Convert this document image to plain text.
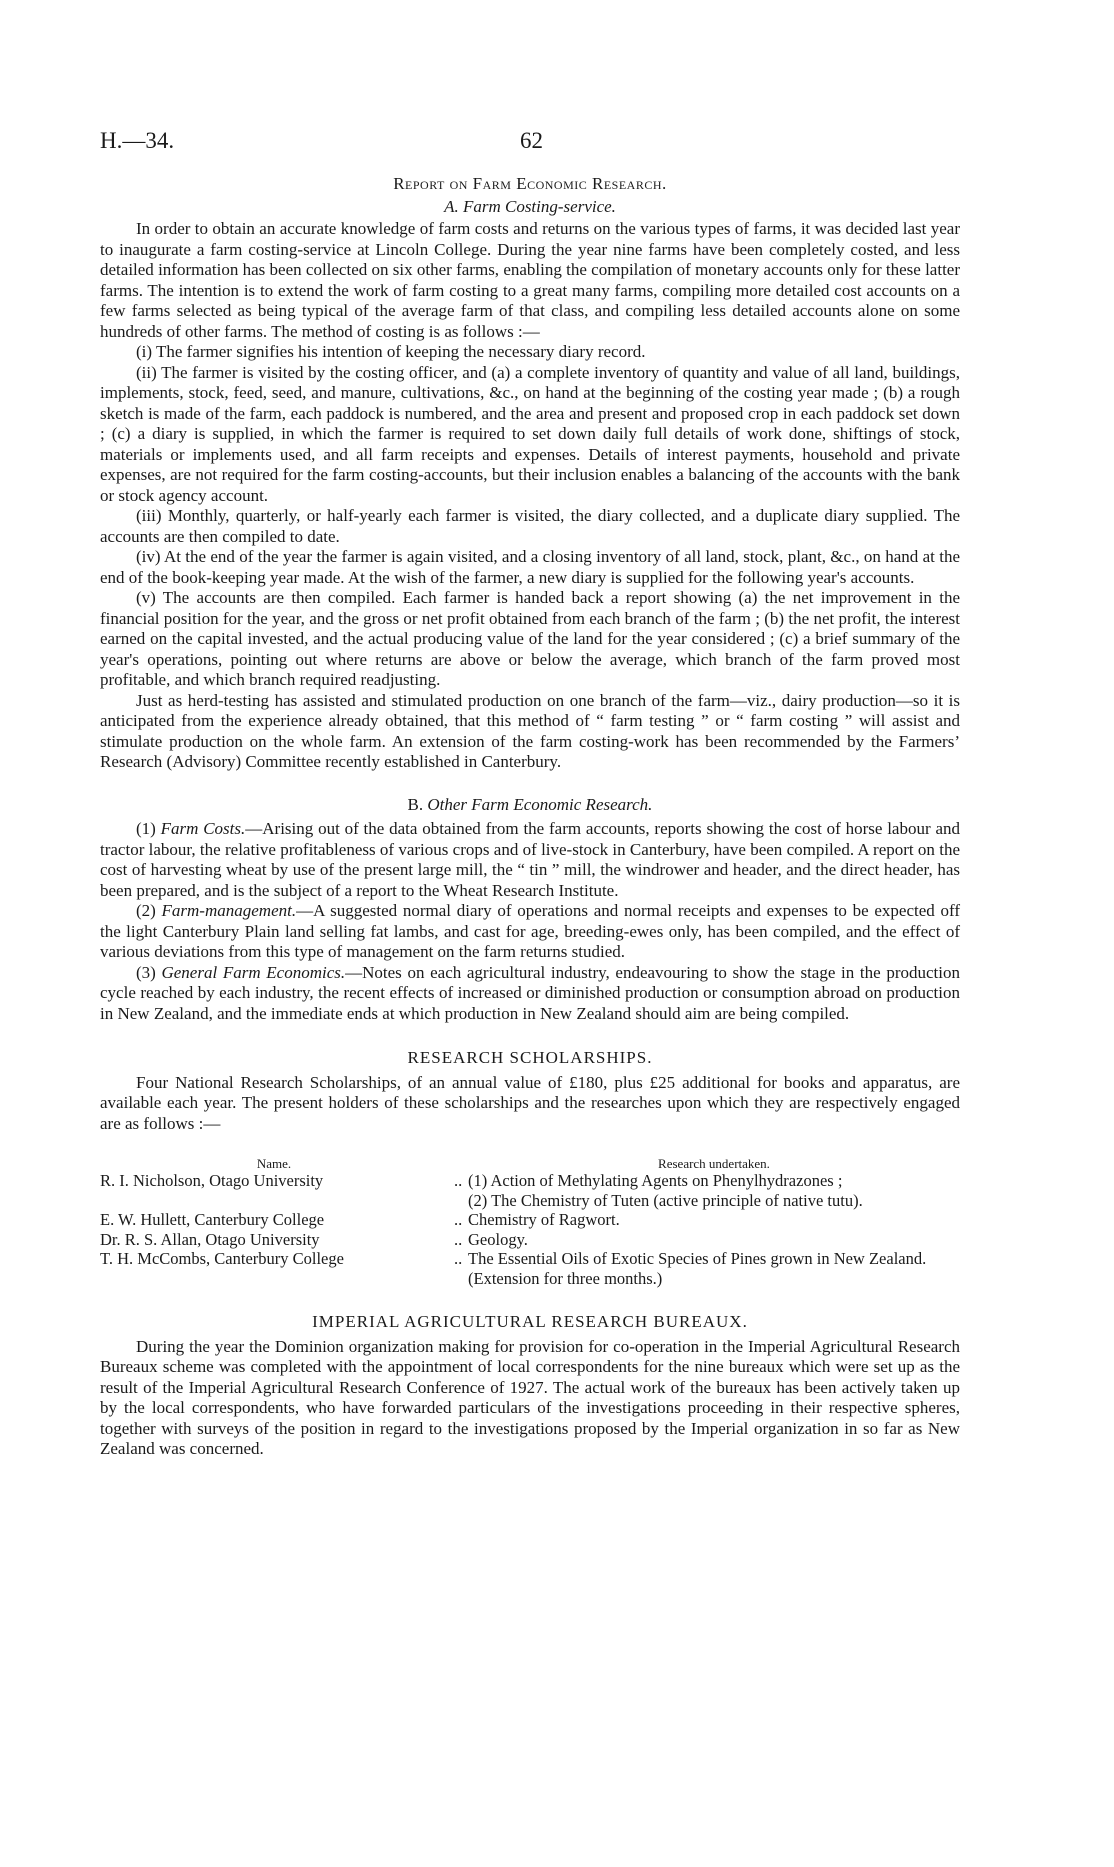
H.—34.	62
Report on Farm Economic Research.
A. Farm Costing-service.

In order to obtain an accurate knowledge of farm costs and returns on the various types of farms, it was decided last year to inaugurate a farm costing-service at Lincoln College. During the year nine farms have been completely costed, and less detailed information has been collected on six other farms, enabling the compilation of monetary accounts only for these latter farms. The intention is to extend the work of farm costing to a great many farms, compiling more detailed cost accounts on a few farms selected as being typical of the average farm of that class, and compiling less detailed accounts alone on some hundreds of other farms. The method of costing is as follows :—

(i) The farmer signifies his intention of keeping the necessary diary record.

(ii) The farmer is visited by the costing officer, and (a) a complete inventory of quantity and value of all land, buildings, implements, stock, feed, seed, and manure, cultivations, &c., on hand at the beginning of the costing year made ; (b) a rough sketch is made of the farm, each paddock is numbered, and the area and present and proposed crop in each paddock set down ; (c) a diary is supplied, in which the farmer is required to set down daily full details of work done, shiftings of stock, materials or implements used, and all farm receipts and expenses. Details of interest payments, household and private expenses, are not required for the farm costing-accounts, but their inclusion enables a balancing of the accounts with the bank or stock agency account.

(iii) Monthly, quarterly, or half-yearly each farmer is visited, the diary collected, and a duplicate diary supplied. The accounts are then compiled to date.

(iv) At the end of the year the farmer is again visited, and a closing inventory of all land, stock, plant, &c., on hand at the end of the book-keeping year made. At the wish of the farmer, a new diary is supplied for the following year's accounts.

(v) The accounts are then compiled. Each farmer is handed back a report showing (a) the net improvement in the financial position for the year, and the gross or net profit obtained from each branch of the farm ; (b) the net profit, the interest earned on the capital invested, and the actual producing value of the land for the year considered ; (c) a brief summary of the year's operations, pointing out where returns are above or below the average, which branch of the farm proved most profitable, and which branch required readjusting.

Just as herd-testing has assisted and stimulated production on one branch of the farm—viz., dairy production—so it is anticipated from the experience already obtained, that this method of “ farm testing ” or “ farm costing ” will assist and stimulate production on the whole farm. An extension of the farm costing-work has been recommended by the Farmers’ Research (Advisory) Committee recently established in Canterbury.

B. Other Farm Economic Research.

(1) Farm Costs.—Arising out of the data obtained from the farm accounts, reports showing the cost of horse labour and tractor labour, the relative profitableness of various crops and of live-stock in Canterbury, have been compiled. A report on the cost of harvesting wheat by use of the present large mill, the “ tin ” mill, the windrower and header, and the direct header, has been prepared, and is the subject of a report to the Wheat Research Institute.

(2) Farm-management.—A suggested normal diary of operations and normal receipts and expenses to be expected off the light Canterbury Plain land selling fat lambs, and cast for age, breeding-ewes only, has been compiled, and the effect of various deviations from this type of management on the farm returns studied.

(3) General Farm Economics.—Notes on each agricultural industry, endeavouring to show the stage in the production cycle reached by each industry, the recent effects of increased or diminished production or consumption abroad on production in New Zealand, and the immediate ends at which production in New Zealand should aim are being compiled.

RESEARCH SCHOLARSHIPS.

Four National Research Scholarships, of an annual value of £180, plus £25 additional for books and apparatus, are available each year. The present holders of these scholarships and the researches upon which they are respectively engaged are as follows :—

Name.	Research undertaken.
R. I. Nicholson, Otago University	.. (1) Action of Methylating Agents on Phenylhydrazones ;
(2) The Chemistry of Tuten (active principle of native tutu).
E. W. Hullett, Canterbury College	.. Chemistry of Ragwort.
Dr. R. S. Allan, Otago University	.. Geology.
T. H. McCombs, Canterbury College	.. The Essential Oils of Exotic Species of Pines grown in New Zealand. (Extension for three months.)
IMPERIAL AGRICULTURAL RESEARCH BUREAUX.

During the year the Dominion organization making for provision for co-operation in the Imperial Agricultural Research Bureaux scheme was completed with the appointment of local correspondents for the nine bureaux which were set up as the result of the Imperial Agricultural Research Conference of 1927. The actual work of the bureaux has been actively taken up by the local correspondents, who have forwarded particulars of the investigations proceeding in their respective spheres, together with surveys of the position in regard to the investigations proposed by the Imperial organization in so far as New Zealand was concerned.
